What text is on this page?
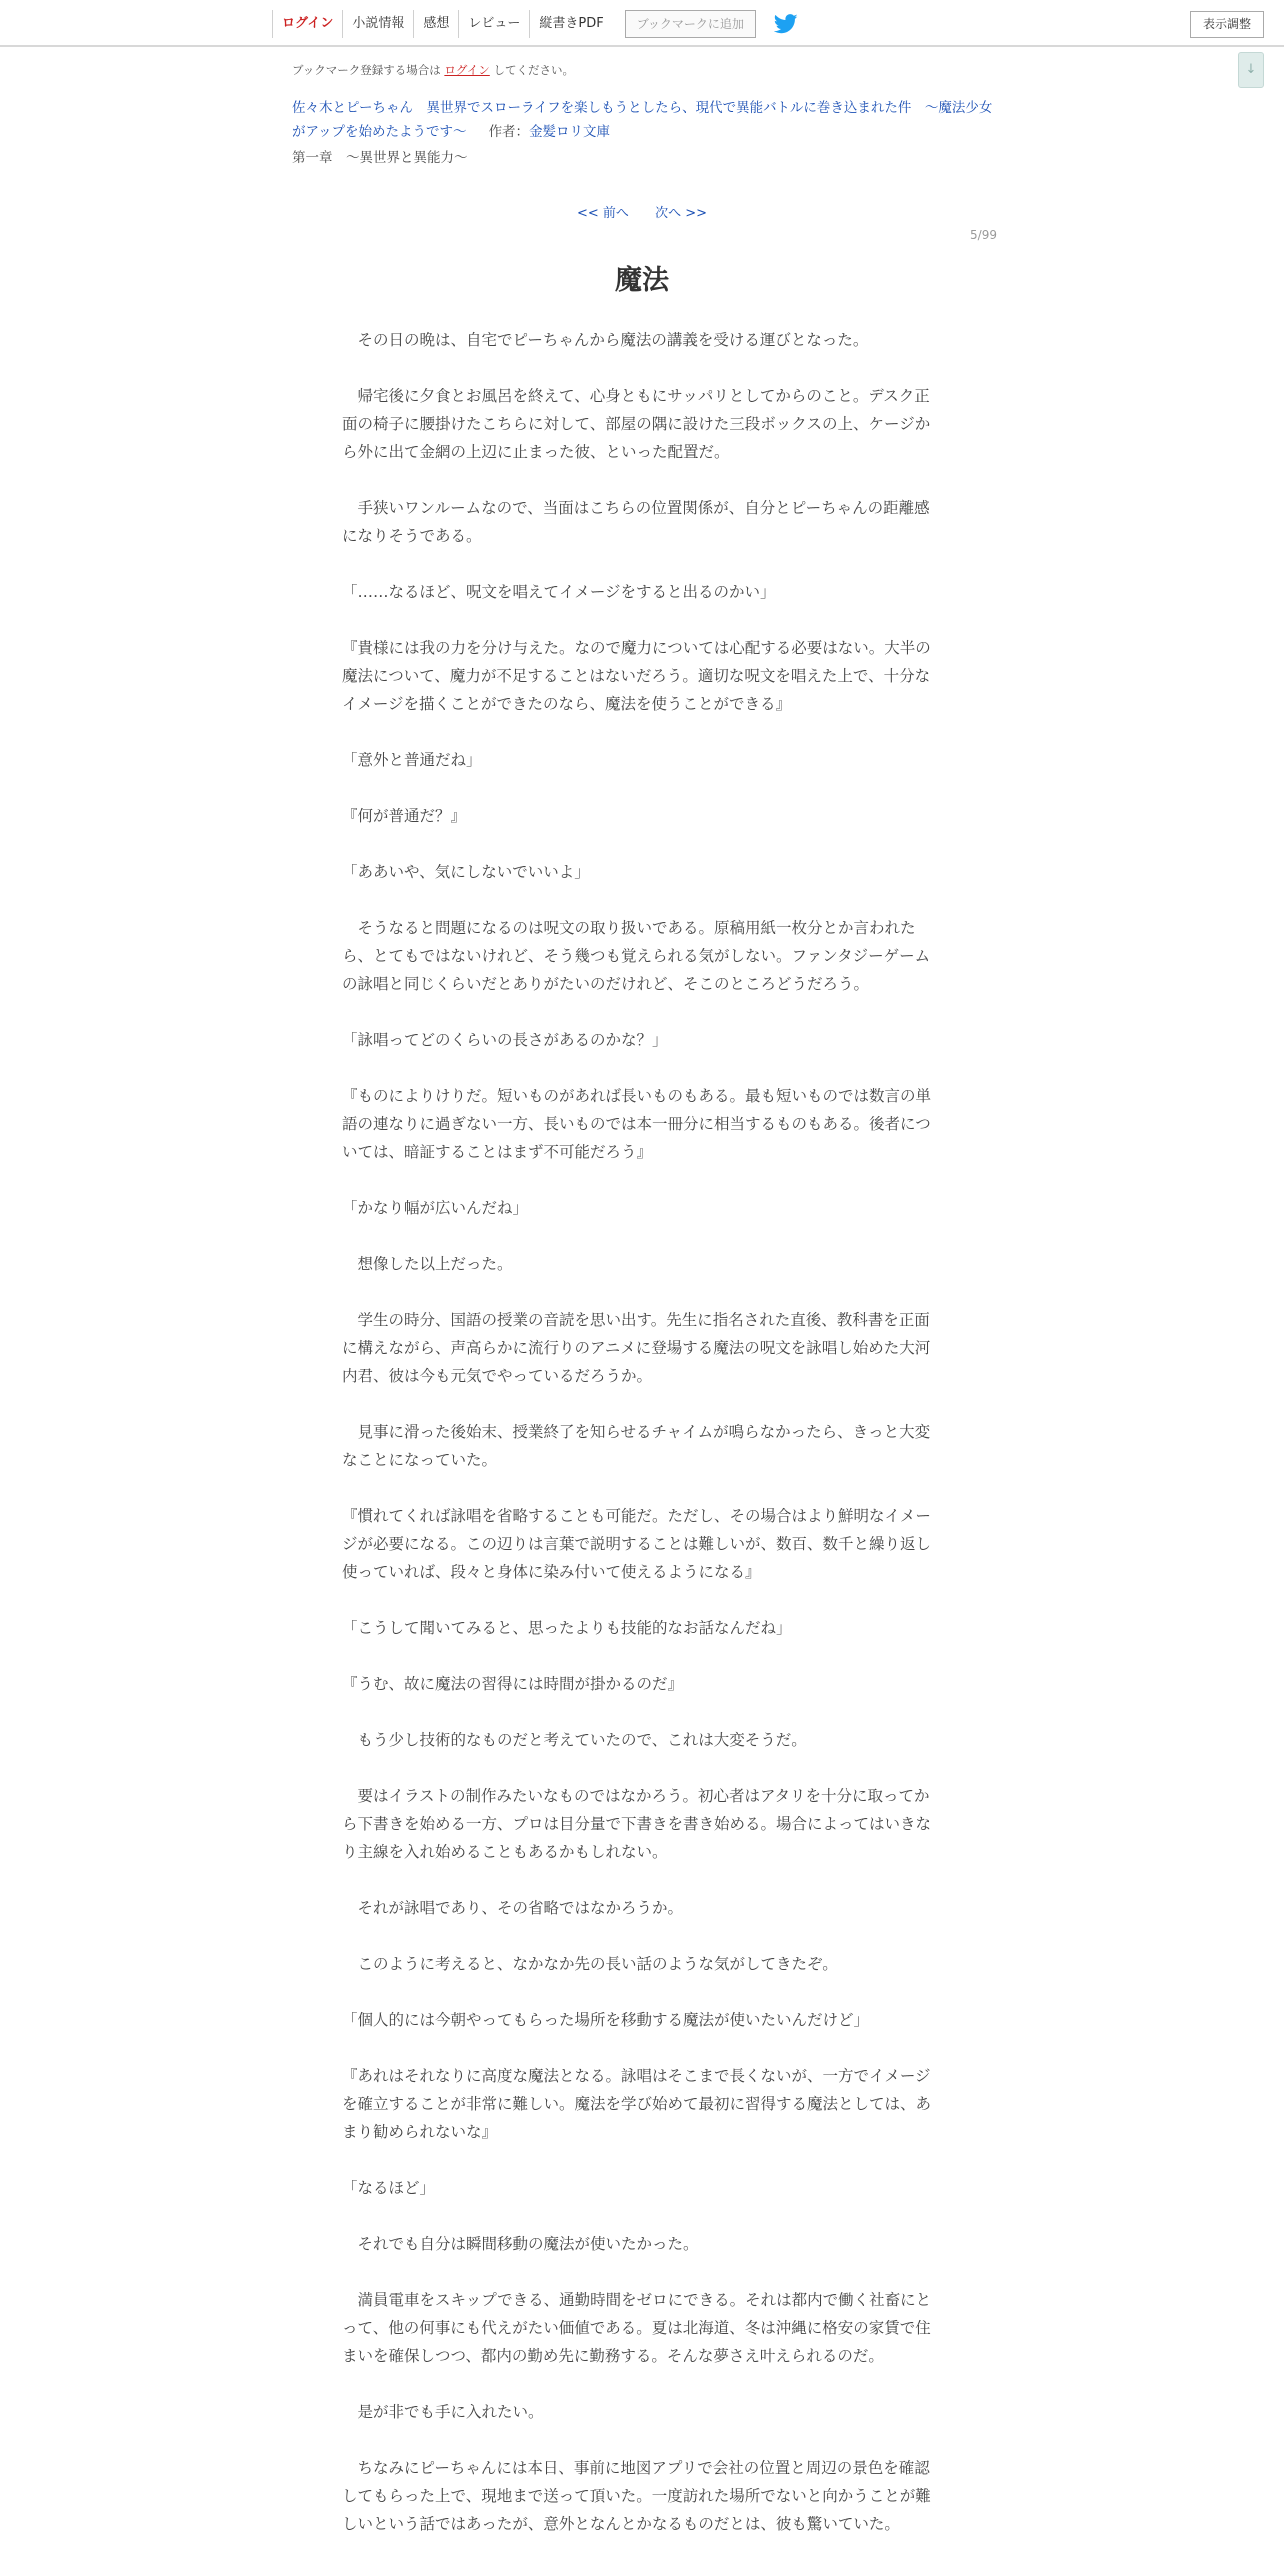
ログイン	小説情報	感想	レビュー	縦書きPDF	ブックマークに追加	表示調整
↓
ブックマーク登録する場合は ログイン してください。
佐々木とピーちゃん　異世界でスローライフを楽しもうとしたら、現代で異能バトルに巻き込まれた件　～魔法少女がアップを始めたようです～ 作者：金髪ロリ文庫
第一章　～異世界と異能力～
<< 前へ 次へ >>
5/99
魔法

　その日の晩は、自宅でピーちゃんから魔法の講義を受ける運びとなった。

　帰宅後に夕食とお風呂を終えて、心身ともにサッパリとしてからのこと。デスク正面の椅子に腰掛けたこちらに対して、部屋の隅に設けた三段ボックスの上、ケージから外に出て金網の上辺に止まった彼、といった配置だ。

　手狭いワンルームなので、当面はこちらの位置関係が、自分とピーちゃんの距離感になりそうである。

「……なるほど、呪文を唱えてイメージをすると出るのかい」

『貴様には我の力を分け与えた。なので魔力については心配する必要はない。大半の魔法について、魔力が不足することはないだろう。適切な呪文を唱えた上で、十分なイメージを描くことができたのなら、魔法を使うことができる』

「意外と普通だね」

『何が普通だ？』

「ああいや、気にしないでいいよ」

　そうなると問題になるのは呪文の取り扱いである。原稿用紙一枚分とか言われたら、とてもではないけれど、そう幾つも覚えられる気がしない。ファンタジーゲームの詠唱と同じくらいだとありがたいのだけれど、そこのところどうだろう。

「詠唱ってどのくらいの長さがあるのかな？」

『ものによりけりだ。短いものがあれば長いものもある。最も短いものでは数言の単語の連なりに過ぎない一方、長いものでは本一冊分に相当するものもある。後者については、暗証することはまず不可能だろう』

「かなり幅が広いんだね」

　想像した以上だった。

　学生の時分、国語の授業の音読を思い出す。先生に指名された直後、教科書を正面に構えながら、声高らかに流行りのアニメに登場する魔法の呪文を詠唱し始めた大河内君、彼は今も元気でやっているだろうか。

　見事に滑った後始末、授業終了を知らせるチャイムが鳴らなかったら、きっと大変なことになっていた。

『慣れてくれば詠唱を省略することも可能だ。ただし、その場合はより鮮明なイメージが必要になる。この辺りは言葉で説明することは難しいが、数百、数千と繰り返し使っていれば、段々と身体に染み付いて使えるようになる』

「こうして聞いてみると、思ったよりも技能的なお話なんだね」

『うむ、故に魔法の習得には時間が掛かるのだ』

　もう少し技術的なものだと考えていたので、これは大変そうだ。

　要はイラストの制作みたいなものではなかろう。初心者はアタリを十分に取ってから下書きを始める一方、プロは目分量で下書きを書き始める。場合によってはいきなり主線を入れ始めることもあるかもしれない。

　それが詠唱であり、その省略ではなかろうか。

　このように考えると、なかなか先の長い話のような気がしてきたぞ。

「個人的には今朝やってもらった場所を移動する魔法が使いたいんだけど」

『あれはそれなりに高度な魔法となる。詠唱はそこまで長くないが、一方でイメージを確立することが非常に難しい。魔法を学び始めて最初に習得する魔法としては、あまり勧められないな』

「なるほど」

　それでも自分は瞬間移動の魔法が使いたかった。

　満員電車をスキップできる、通勤時間をゼロにできる。それは都内で働く社畜にとって、他の何事にも代えがたい価値である。夏は北海道、冬は沖縄に格安の家賃で住まいを確保しつつ、都内の勤め先に勤務する。そんな夢さえ叶えられるのだ。

　是が非でも手に入れたい。

　ちなみにピーちゃんには本日、事前に地図アプリで会社の位置と周辺の景色を確認してもらった上で、現地まで送って頂いた。一度訪れた場所でないと向かうことが難しいという話ではあったが、意外となんとかなるものだとは、彼も驚いていた。
